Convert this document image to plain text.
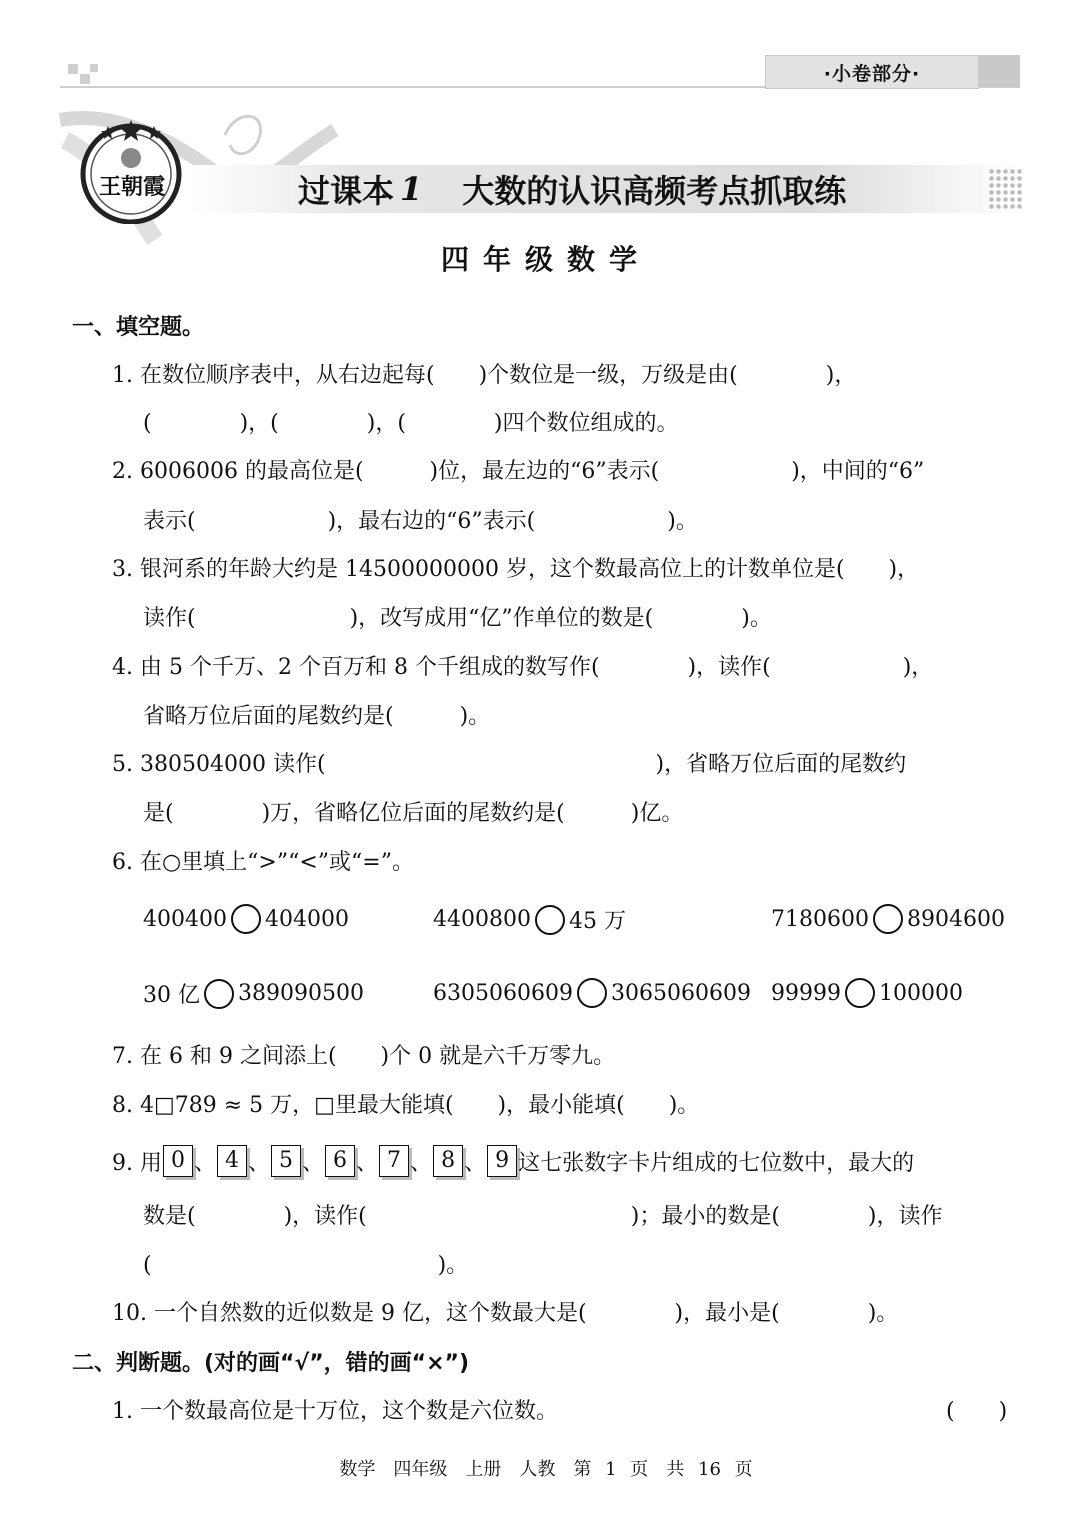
·小卷部分·
王朝霞	过课本 1 大数的认识高频考点抓取练
四年级数学
一、填空题。
1. 在数位顺序表中，从右边起每(　　)个数位是一级，万级是由(　　　　)，
(　　　　)，(　　　　)，(　　　　)四个数位组成的。
2. 6006006 的最高位是(　　　)位，最左边的“6”表示(　　　　　　)，中间的“6”
表示(　　　　　　)，最右边的“6”表示(　　　　　　)。
3. 银河系的年龄大约是 14500000000 岁，这个数最高位上的计数单位是(　　)，
读作(　　　　　　　)，改写成用“亿”作单位的数是(　　　　)。
4. 由 5 个千万、2 个百万和 8 个千组成的数写作(　　　　)，读作(　　　　　　)，
省略万位后面的尾数约是(　　　)。
5. 380504000 读作(　　　　　　　　　　　　　　　)，省略万位后面的尾数约
是(　　　　)万，省略亿位后面的尾数约是(　　　)亿。
6. 在○里填上“>”“<”或“=”。
400400 404000	4400800 45 万	7180600 8904600
30 亿 389090500	6305060609 3065060609 99999 100000
7. 在 6 和 9 之间添上(　　)个 0 就是六千万零九。
8. 4□789 ≈ 5 万，□里最大能填(　　)，最小能填(　　)。
9. 用 0 、 4 、 5 、 6 、 7 、 8 、 9 这七张数字卡片组成的七位数中，最大的
数是(　　　　)，读作(　　　　　　　　　　　　)；最小的数是(　　　　)，读作
(　　　　　　　　　　　　　)。
10. 一个自然数的近似数是 9 亿，这个数最大是(　　　　)，最小是(　　　　)。
二、判断题。(对的画“√”，错的画“×”)
1. 一个数最高位是十万位，这个数是六位数。	(　　)
数学　四年级　上册　人教　第 1 页　共 16 页
